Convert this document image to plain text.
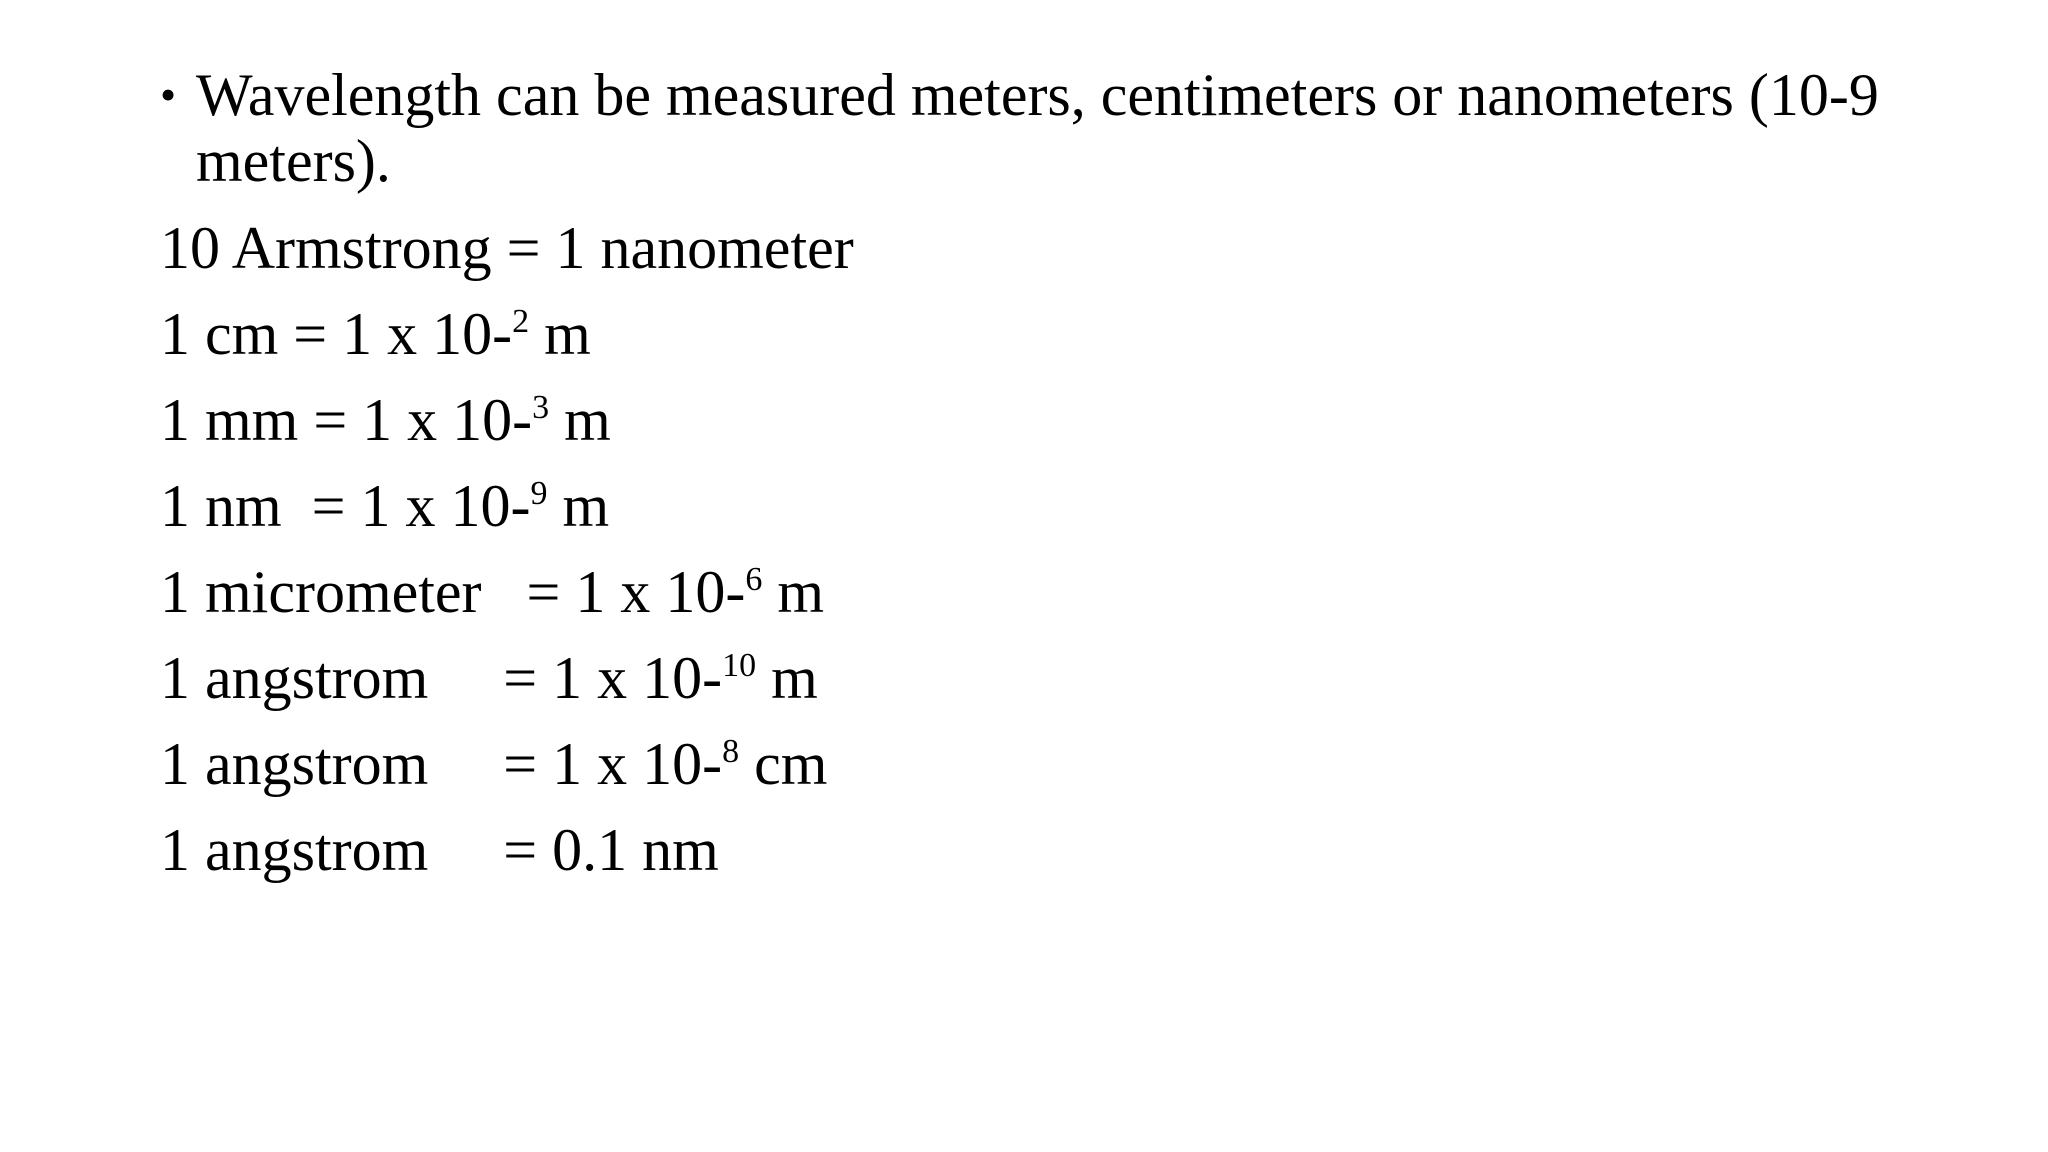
• Wavelength can be measured meters, centimeters or nanometers (10-9 meters).
10 Armstrong = 1 nanometer
1 cm = 1 x 10-$^2$ m
1 mm = 1 x 10-$^3$ m
1 nm  = 1 x 10-$^9$ m
1 micrometer   = 1 x 10-$^6$ m
1 angstrom     = 1 x 10-$^{10}$ m
1 angstrom     = 1 x 10-$^8$ cm
1 angstrom     = 0.1 nm
